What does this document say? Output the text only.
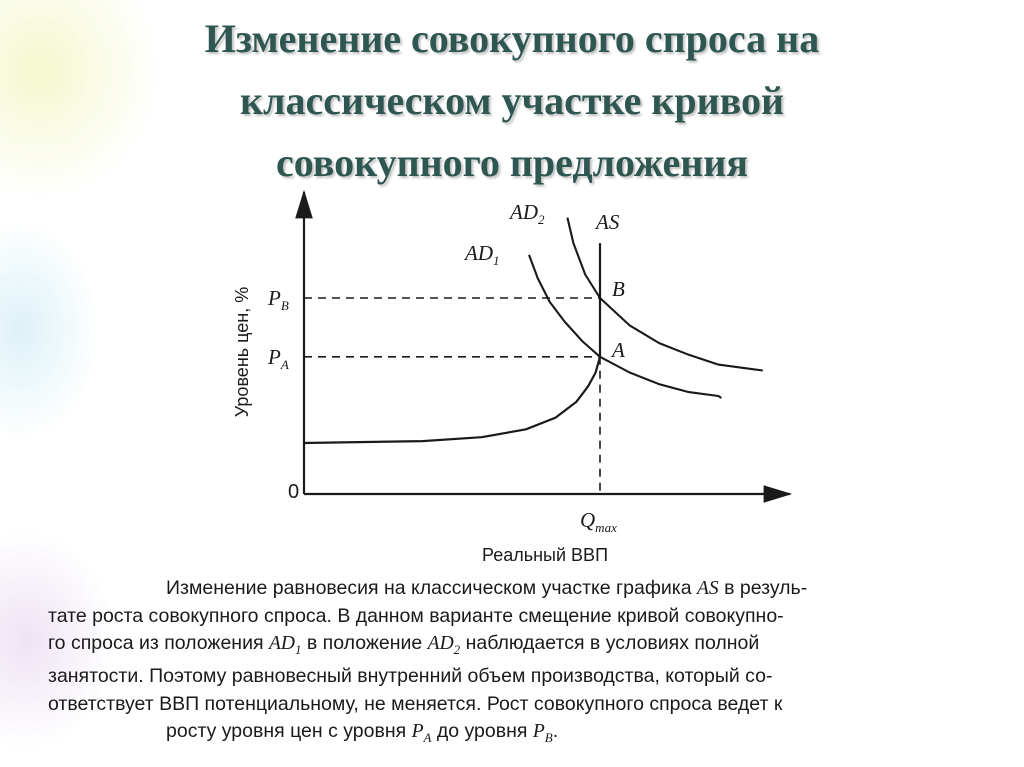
Изменение совокупного спроса на
классическом участке кривой
совокупного предложения
AS
$AD_1$
$AD_2$
A
B
$P_B$
$P_A$
0
$Q_{max}$
Реальный ВВП
Уровень цен, %
Изменение равновесия на классическом участке графика AS в резуль-
тате роста совокупного спроса. В данном варианте смещение кривой совокупно-
го спроса из положения $AD_1$ в положение $AD_2$ наблюдается в условиях полной
занятости. Поэтому равновесный внутренний объем производства, который со-
ответствует ВВП потенциальному, не меняется. Рост совокупного спроса ведет к
росту уровня цен с уровня $P_A$ до уровня $P_B$.
